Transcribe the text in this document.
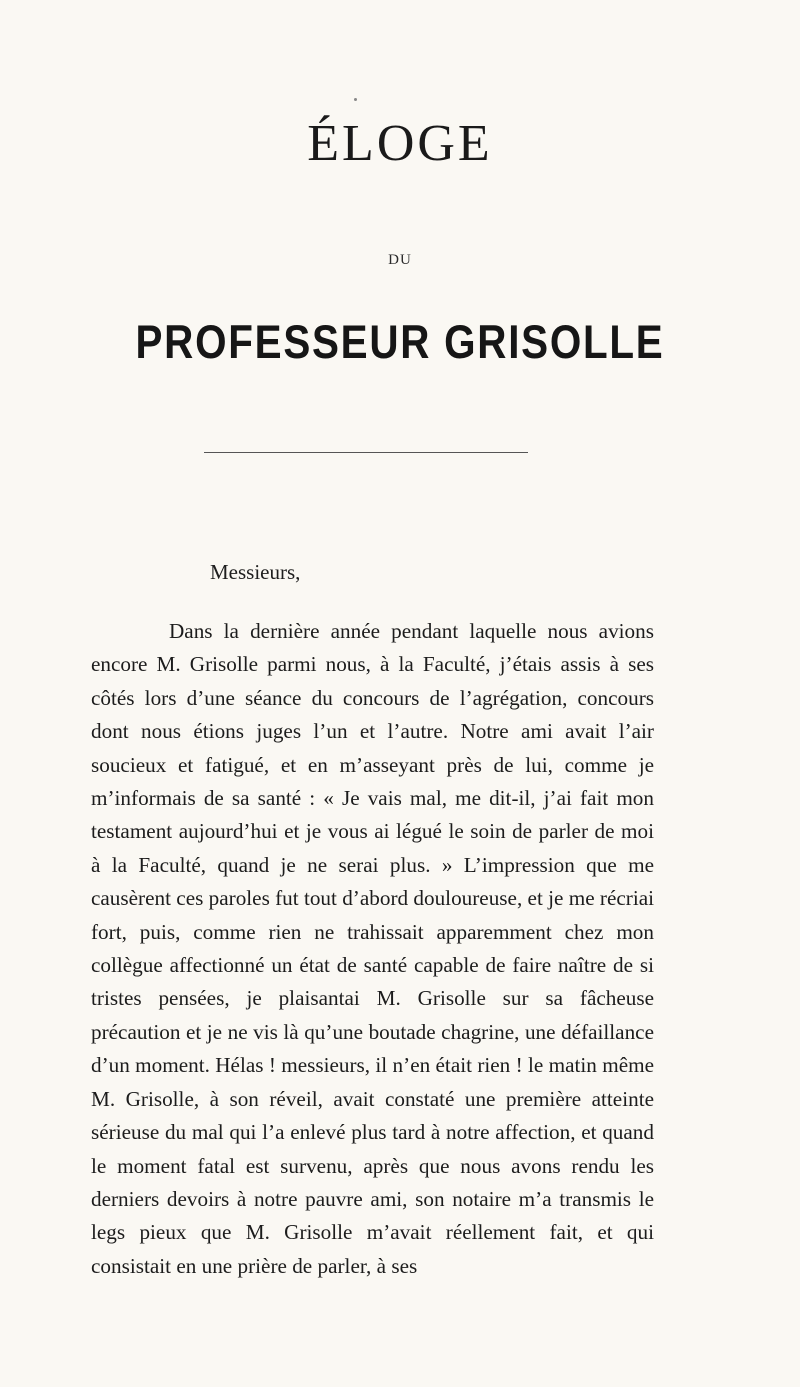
ÉLOGE
DU
PROFESSEUR GRISOLLE
Messieurs,

Dans la dernière année pendant laquelle nous avions encore M. Grisolle parmi nous, à la Faculté, j’étais assis à ses côtés lors d’une séance du concours de l’agrégation, concours dont nous étions juges l’un et l’autre. Notre ami avait l’air soucieux et fatigué, et en m’asseyant près de lui, comme je m’informais de sa santé : « Je vais mal, me dit-il, j’ai fait mon testament aujourd’hui et je vous ai légué le soin de parler de moi à la Faculté, quand je ne serai plus. » L’impression que me causèrent ces paroles fut tout d’abord douloureuse, et je me récriai fort, puis, comme rien ne trahissait apparemment chez mon collègue affectionné un état de santé capable de faire naître de si tristes pensées, je plaisantai M. Grisolle sur sa fâcheuse précaution et je ne vis là qu’une boutade chagrine, une défaillance d’un moment. Hélas ! messieurs, il n’en était rien ! le matin même M. Grisolle, à son réveil, avait constaté une première atteinte sérieuse du mal qui l’a enlevé plus tard à notre affection, et quand le moment fatal est survenu, après que nous avons rendu les derniers devoirs à notre pauvre ami, son notaire m’a transmis le legs pieux que M. Grisolle m’avait réellement fait, et qui consistait en une prière de parler, à ses
